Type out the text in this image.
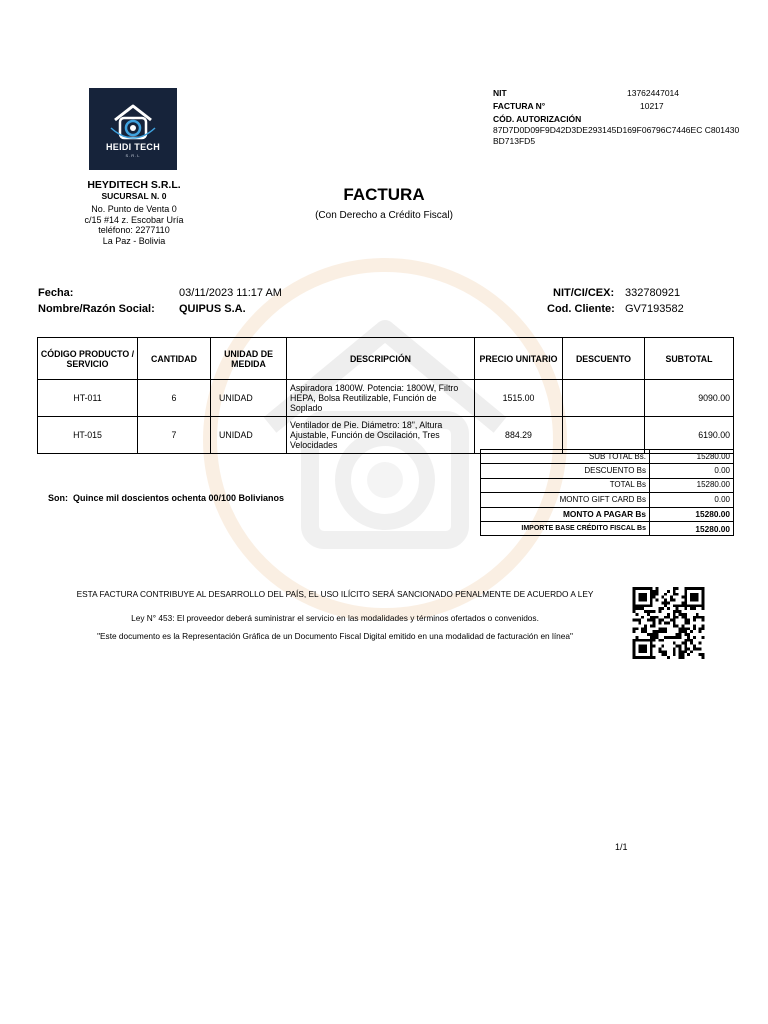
HEIDI TECH
S.R.L
HEYDITECH S.R.L.
SUCURSAL N. 0
No. Punto de Venta 0
c/15 #14 z. Escobar Uría
teléfono: 2277110
La Paz - Bolivia
FACTURA
(Con Derecho a Crédito Fiscal)
NIT	13762447014
FACTURA N°	10217
CÓD. AUTORIZACIÓN
87D7D0D09F9D42D3DE293145D169F06796C7446EC C801430BD713FD5
Fecha:	03/11/2023 11:17 AM
Nombre/Razón Social: QUIPUS S.A.
NIT/CI/CEX: 332780921
Cod. Cliente: GV7193582
CÓDIGO PRODUCTO / SERVICIO	CANTIDAD	UNIDAD DE MEDIDA	DESCRIPCIÓN	PRECIO UNITARIO	DESCUENTO	SUBTOTAL
HT-011	6	UNIDAD	Aspiradora 1800W. Potencia: 1800W, Filtro HEPA, Bolsa Reutilizable, Función de Soplado	1515.00		9090.00
HT-015	7	UNIDAD	Ventilador de Pie. Diámetro: 18", Altura Ajustable, Función de Oscilación, Tres Velocidades	884.29		6190.00
SUB TOTAL Bs.	15280.00
DESCUENTO Bs	0.00
TOTAL Bs	15280.00
MONTO GIFT CARD Bs	0.00
MONTO A PAGAR Bs	15280.00
IMPORTE BASE CRÉDITO FISCAL Bs	15280.00
Son:  Quince mil doscientos ochenta 00/100 Bolivianos
ESTA FACTURA CONTRIBUYE AL DESARROLLO DEL PAÍS, EL USO ILÍCITO SERÁ SANCIONADO PENALMENTE DE ACUERDO A LEY
Ley N° 453: El proveedor deberá suministrar el servicio en las modalidades y términos ofertados o convenidos.
"Este documento es la Representación Gráfica de un Documento Fiscal Digital emitido en una modalidad de facturación en línea"
1/1
